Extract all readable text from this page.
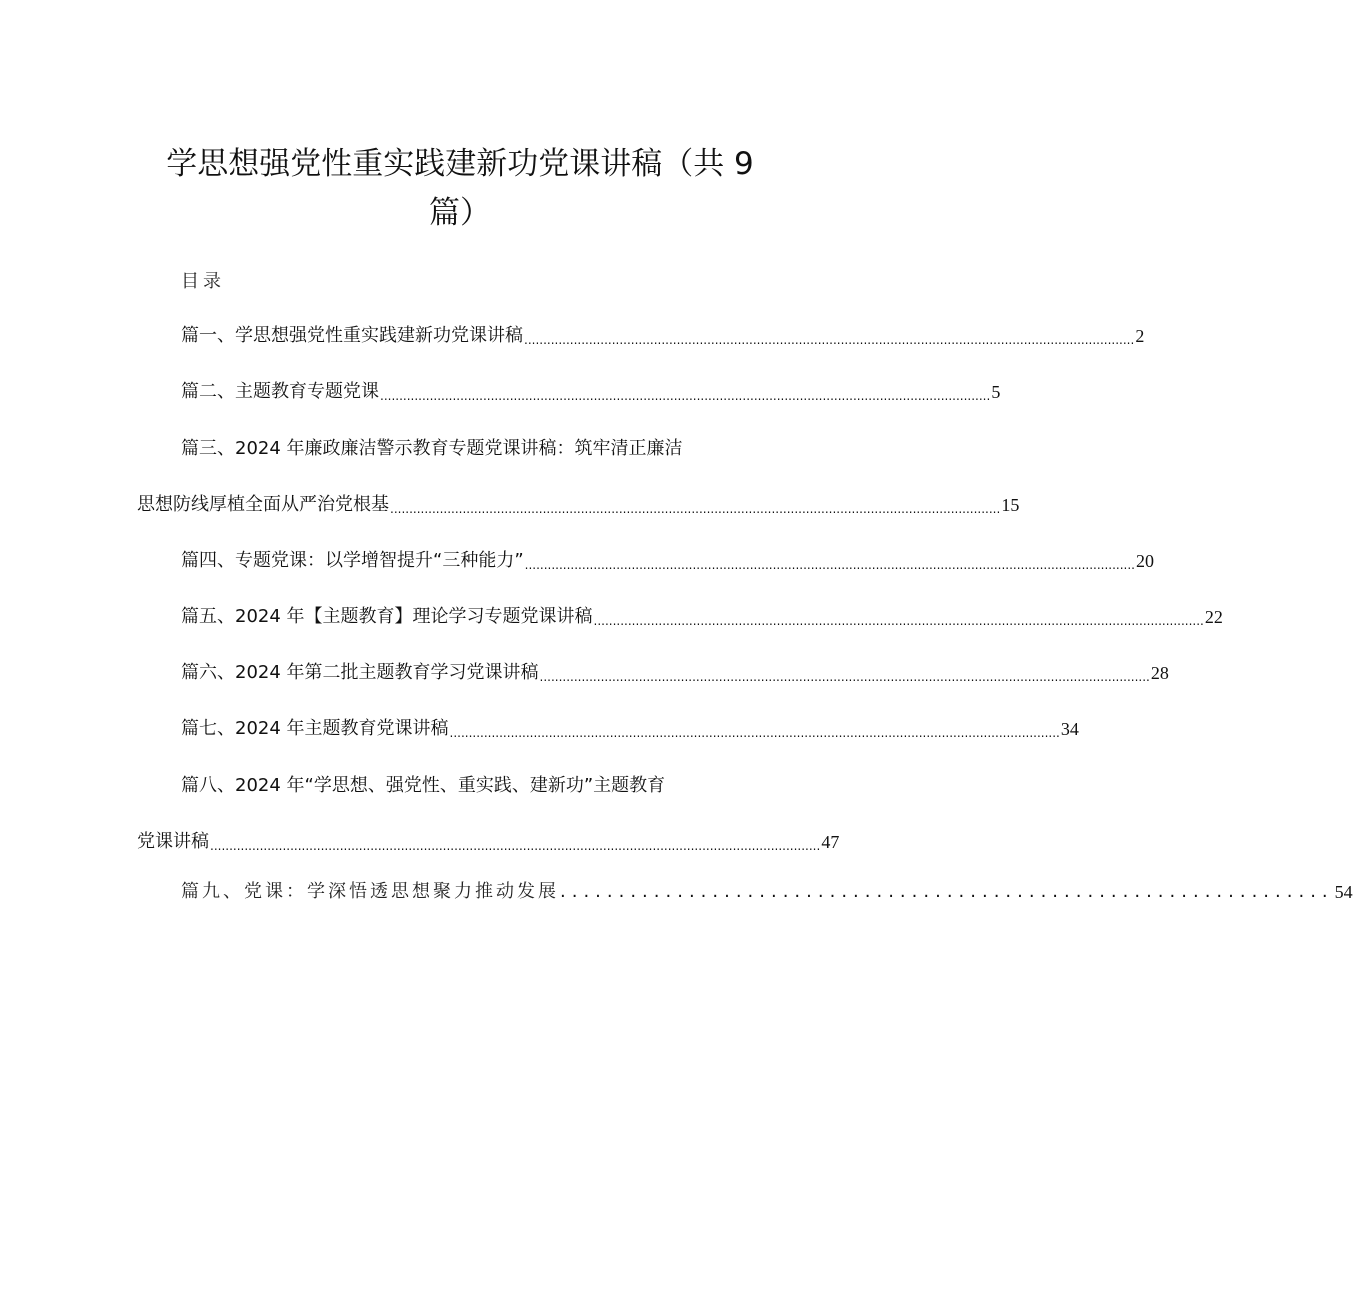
学思想强党性重实践建新功党课讲稿（共 9
篇）
目录
篇一、学思想强党性重实践建新功党课讲稿 ................................................................................................................................................................ 2
篇二、主题教育专题党课 ................................................................................................................................................................ 5
篇三、2024 年廉政廉洁警示教育专题党课讲稿：筑牢清正廉洁
思想防线厚植全面从严治党根基 ................................................................................................................................................................ 15
篇四、专题党课：以学增智提升“三种能力” ................................................................................................................................................................ 20
篇五、2024 年【主题教育】理论学习专题党课讲稿 ................................................................................................................................................................ 22
篇六、2024 年第二批主题教育学习党课讲稿 ................................................................................................................................................................ 28
篇七、2024 年主题教育党课讲稿 ................................................................................................................................................................ 34
篇八、2024 年“学思想、强党性、重实践、建新功”主题教育
党课讲稿 ................................................................................................................................................................ 47
篇九、党课：学深悟透思想聚力推动发展 .................................................................. 54
